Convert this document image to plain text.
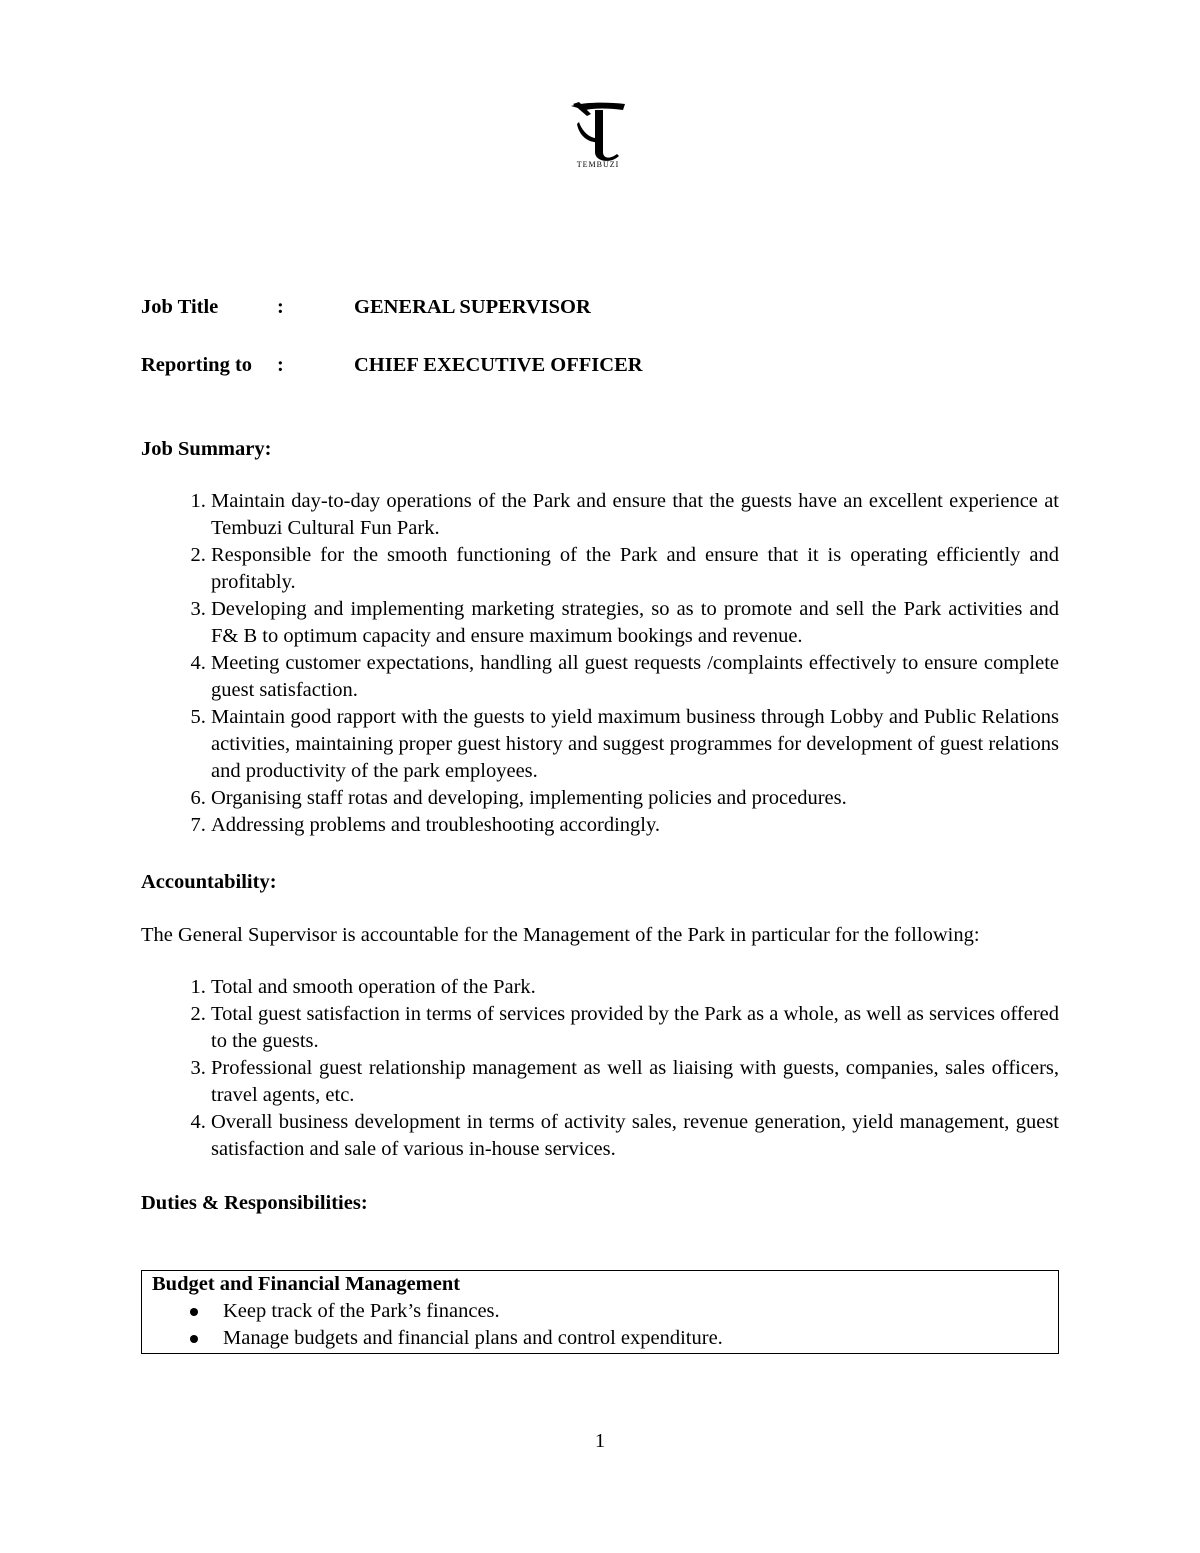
TEMBUZI
Job Title	:	GENERAL SUPERVISOR
Reporting to	:	CHIEF EXECUTIVE OFFICER

Job Summary:

1. Maintain day-to-day operations of the Park and ensure that the guests have an excellent experience at Tembuzi Cultural Fun Park.
2. Responsible for the smooth functioning of the Park and ensure that it is operating efficiently and profitably.
3. Developing and implementing marketing strategies, so as to promote and sell the Park activities and F& B to optimum capacity and ensure maximum bookings and revenue.
4. Meeting customer expectations, handling all guest requests /complaints effectively to ensure complete guest satisfaction.
5. Maintain good rapport with the guests to yield maximum business through Lobby and Public Relations activities, maintaining proper guest history and suggest programmes for development of guest relations and productivity of the park employees.
6. Organising staff rotas and developing, implementing policies and procedures.
7. Addressing problems and troubleshooting accordingly.

Accountability:

The General Supervisor is accountable for the Management of the Park in particular for the following:

1. Total and smooth operation of the Park.
2. Total guest satisfaction in terms of services provided by the Park as a whole, as well as services offered to the guests.
3. Professional guest relationship management as well as liaising with guests, companies, sales officers, travel agents, etc.
4. Overall business development in terms of activity sales, revenue generation, yield management, guest satisfaction and sale of various in-house services.

Duties & Responsibilities:

Budget and Financial Management
Keep track of the Park’s finances.
Manage budgets and financial plans and control expenditure.
1
